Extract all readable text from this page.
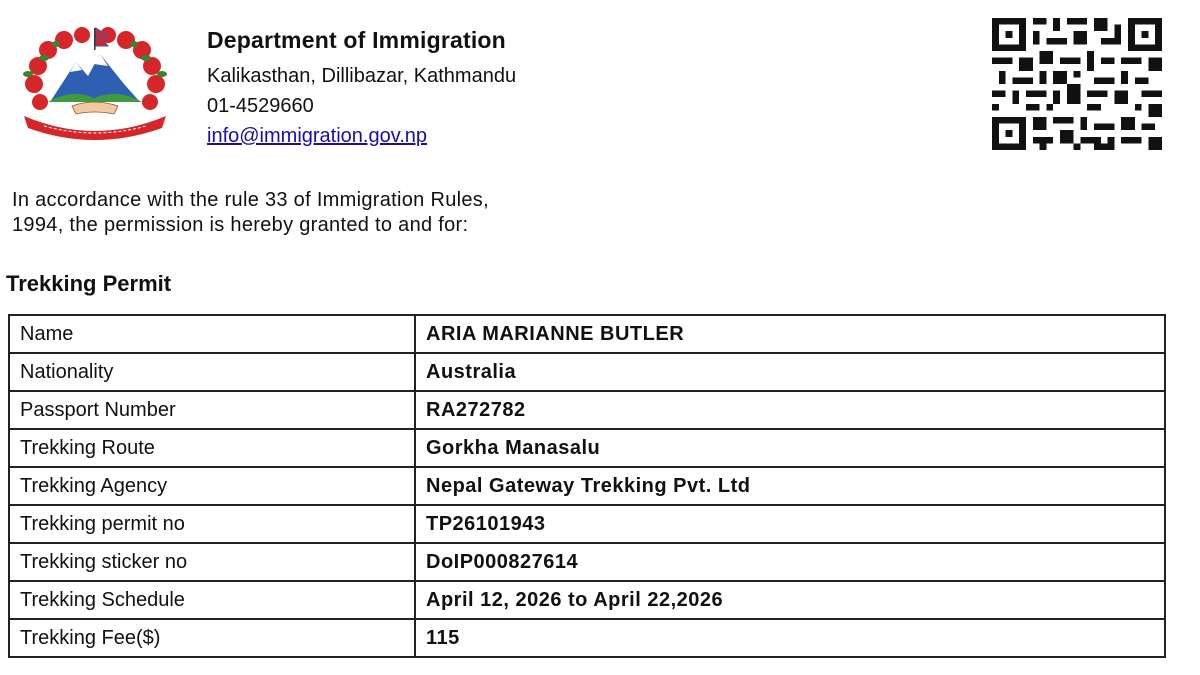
Department of Immigration
Kalikasthan, Dillibazar, Kathmandu
01-4529660
info@immigration.gov.np
In accordance with the rule 33 of Immigration Rules,
1994, the permission is hereby granted to and for:
Trekking Permit
Name	ARIA MARIANNE BUTLER
Nationality	Australia
Passport Number	RA272782
Trekking Route	Gorkha Manasalu
Trekking Agency	Nepal Gateway Trekking Pvt. Ltd
Trekking permit no	TP26101943
Trekking sticker no	DoIP000827614
Trekking Schedule	April 12, 2026 to April 22,2026
Trekking Fee($)	115
